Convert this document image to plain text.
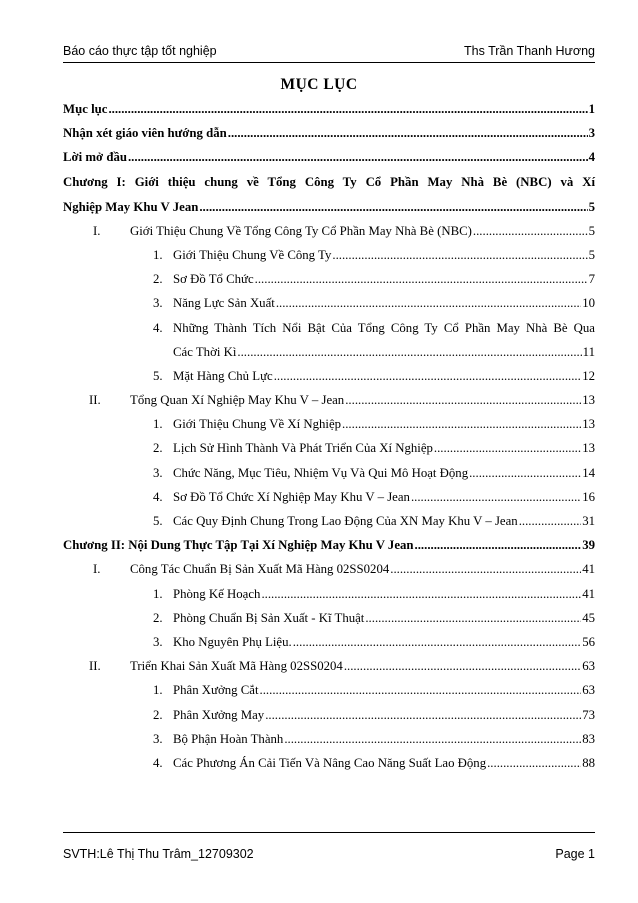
Báo cáo thực tập tốt nghiệp	Ths Trần Thanh Hương
MỤC LỤC
Mục lục .....	1
Nhận xét giáo viên hướng dẫn .....	3
Lời mở đầu .....	4
Chương I: Giới thiệu chung về Tổng Công Ty Cổ Phần May Nhà Bè (NBC) và Xí
Nghiệp May Khu V Jean .....	5
I. Giới Thiệu Chung Về Tổng Công Ty Cổ Phần May Nhà Bè (NBC) .....	5
1. Giới Thiệu Chung Về Công Ty .....	5
2. Sơ Đồ Tổ Chức .....	7
3. Năng Lực Sản Xuất .....	10
4. Những Thành Tích Nổi Bật Của Tổng Công Ty Cổ Phần May Nhà Bè Qua
Các Thời Kì .....	11
5. Mặt Hàng Chủ Lực .....	12
II. Tổng Quan Xí Nghiệp May Khu V – Jean .....	13
1. Giới Thiệu Chung Về Xí Nghiệp .....	13
2. Lịch Sử Hình Thành Và Phát Triển Của Xí Nghiệp .....	13
3. Chức Năng, Mục Tiêu, Nhiệm Vụ Và Qui Mô Hoạt Động .....	14
4. Sơ Đồ Tổ Chức Xí Nghiệp May Khu V – Jean .....	16
5. Các Quy Định Chung Trong Lao Động Của XN May Khu V – Jean .....	31
Chương II: Nội Dung Thực Tập Tại Xí Nghiệp May Khu V Jean .....	39
I. Công Tác Chuẩn Bị Sản Xuất Mã Hàng 02SS0204 .....	41
1. Phòng Kế Hoạch .....	41
2. Phòng Chuẩn Bị Sản Xuất - Kĩ Thuật .....	45
3. Kho Nguyên Phụ Liệu. .....	56
II. Triển Khai Sản Xuất Mã Hàng 02SS0204 .....	63
1. Phân Xưởng Cắt .....	63
2. Phân Xưởng May .....	73
3. Bộ Phận Hoàn Thành .....	83
4. Các Phương Án Cải Tiến Và Nâng Cao Năng Suất Lao Động .....	88
SVTH:Lê Thị Thu Trâm_12709302	Page 1
